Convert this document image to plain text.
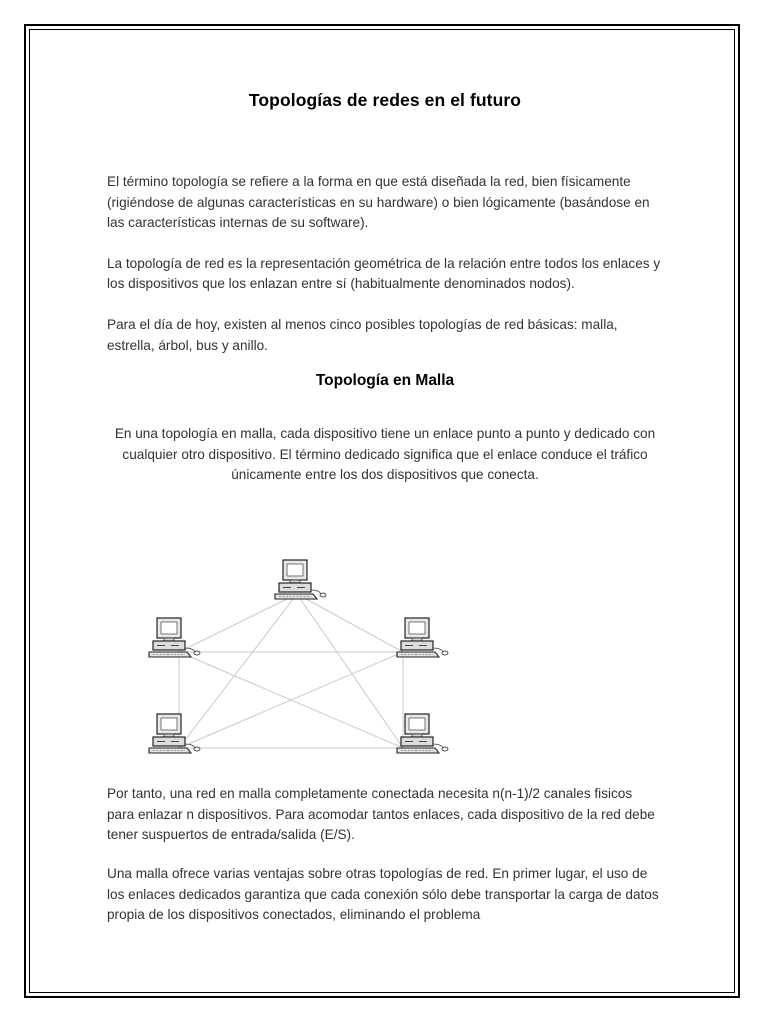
Topologías de redes en el futuro

El término topología se refiere a la forma en que está diseñada la red, bien físicamente (rigiéndose de algunas características en su hardware) o bien lógicamente (basándose en las características internas de su software).

La topología de red es la representación geométrica de la relación entre todos los enlaces y los dispositivos que los enlazan entre sí (habitualmente denominados nodos).

Para el día de hoy, existen al menos cinco posibles topologías de red básicas: malla, estrella, árbol, bus y anillo.

Topología en Malla

En una topología en malla, cada dispositivo tiene un enlace punto a punto y dedicado con cualquier otro dispositivo. El término dedicado significa que el enlace conduce el tráfico únicamente entre los dos dispositivos que conecta.

Por tanto, una red en malla completamente conectada necesita n(n-1)/2 canales fisicos para enlazar n dispositivos. Para acomodar tantos enlaces, cada dispositivo de la red debe tener suspuertos de entrada/salida (E/S).

Una malla ofrece varias ventajas sobre otras topologías de red. En primer lugar, el uso de los enlaces dedicados garantiza que cada conexión sólo debe transportar la carga de datos propia de los dispositivos conectados, eliminando el problema
